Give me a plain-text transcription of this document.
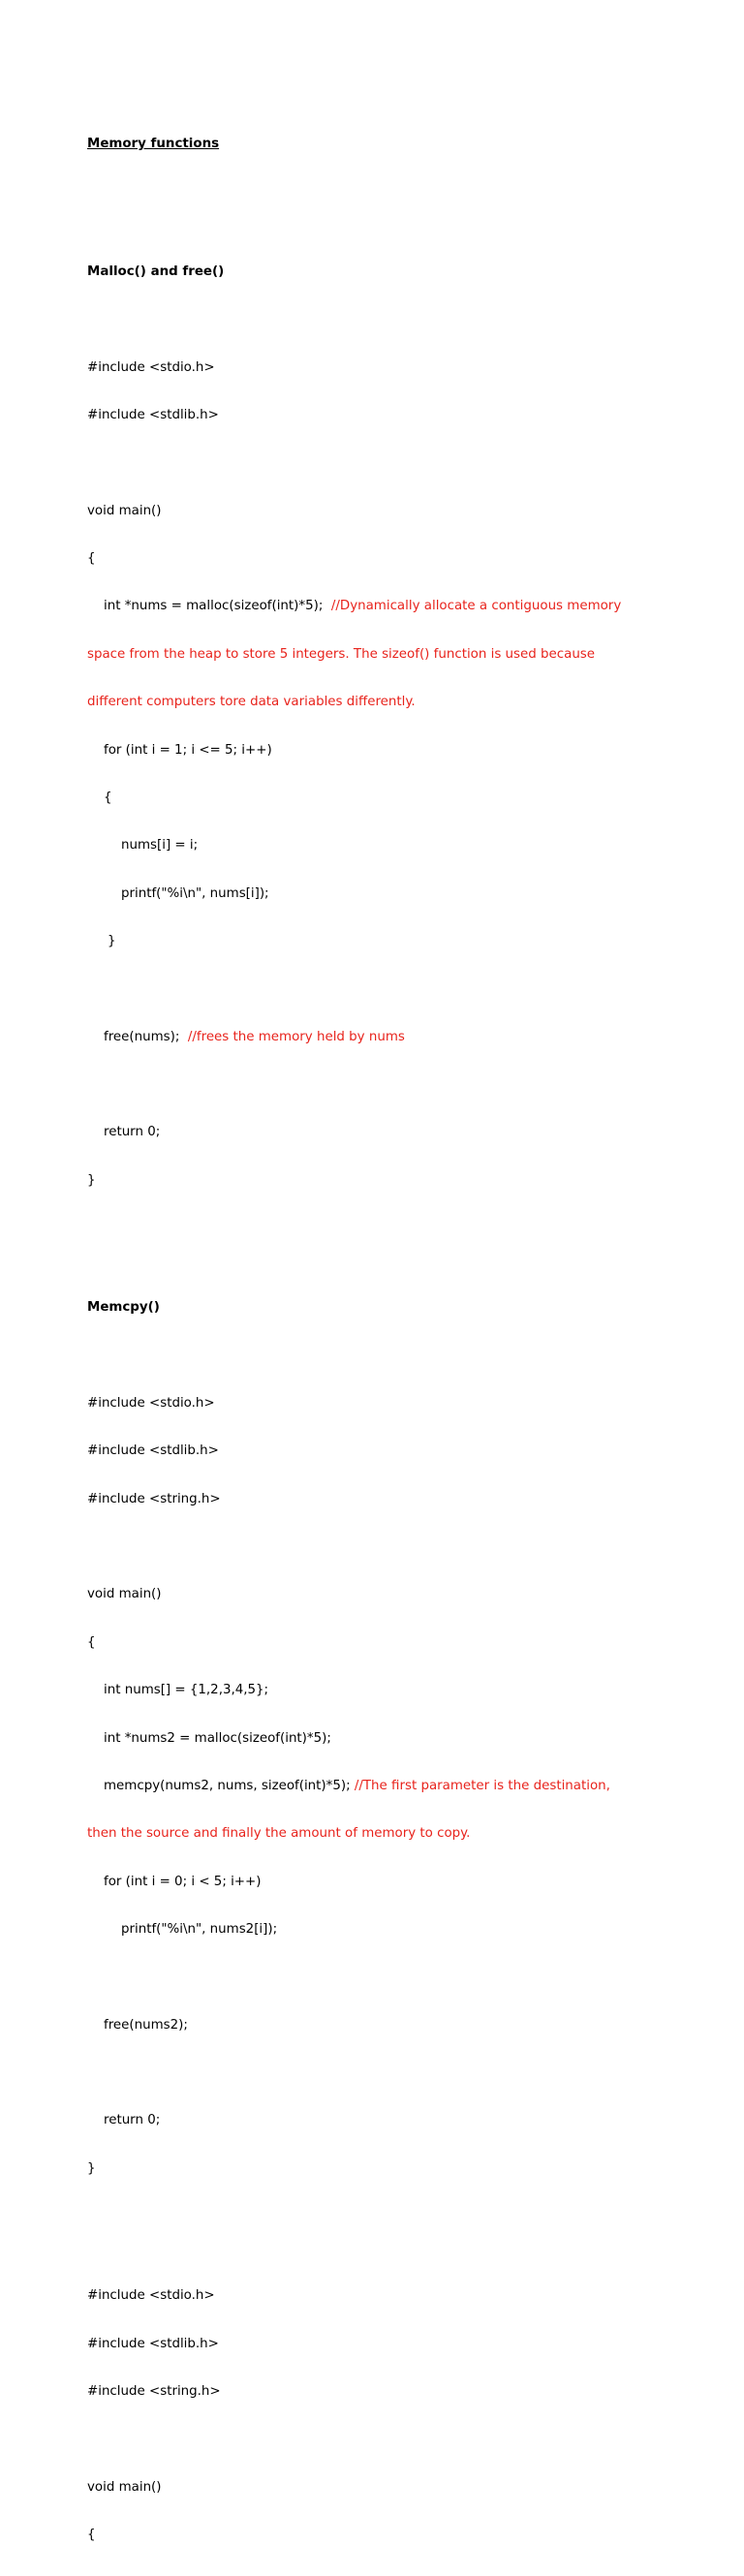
Memory functions

Malloc() and free()

#include <stdio.h>

#include <stdlib.h>

void main()

{

int *nums = malloc(sizeof(int)*5);  //Dynamically allocate a contiguous memory

space from the heap to store 5 integers. The sizeof() function is used because

different computers tore data variables differently.

for (int i = 1; i <= 5; i++)

{

nums[i] = i;

printf("%i\n", nums[i]);

}

free(nums);  //frees the memory held by nums

return 0;

}

Memcpy()

#include <stdio.h>

#include <stdlib.h>

#include <string.h>

void main()

{

int nums[] = {1,2,3,4,5};

int *nums2 = malloc(sizeof(int)*5);

memcpy(nums2, nums, sizeof(int)*5); //The first parameter is the destination,

then the source and finally the amount of memory to copy.

for (int i = 0; i < 5; i++)

printf("%i\n", nums2[i]);

free(nums2);

return 0;

}

#include <stdio.h>

#include <stdlib.h>

#include <string.h>

void main()

{
